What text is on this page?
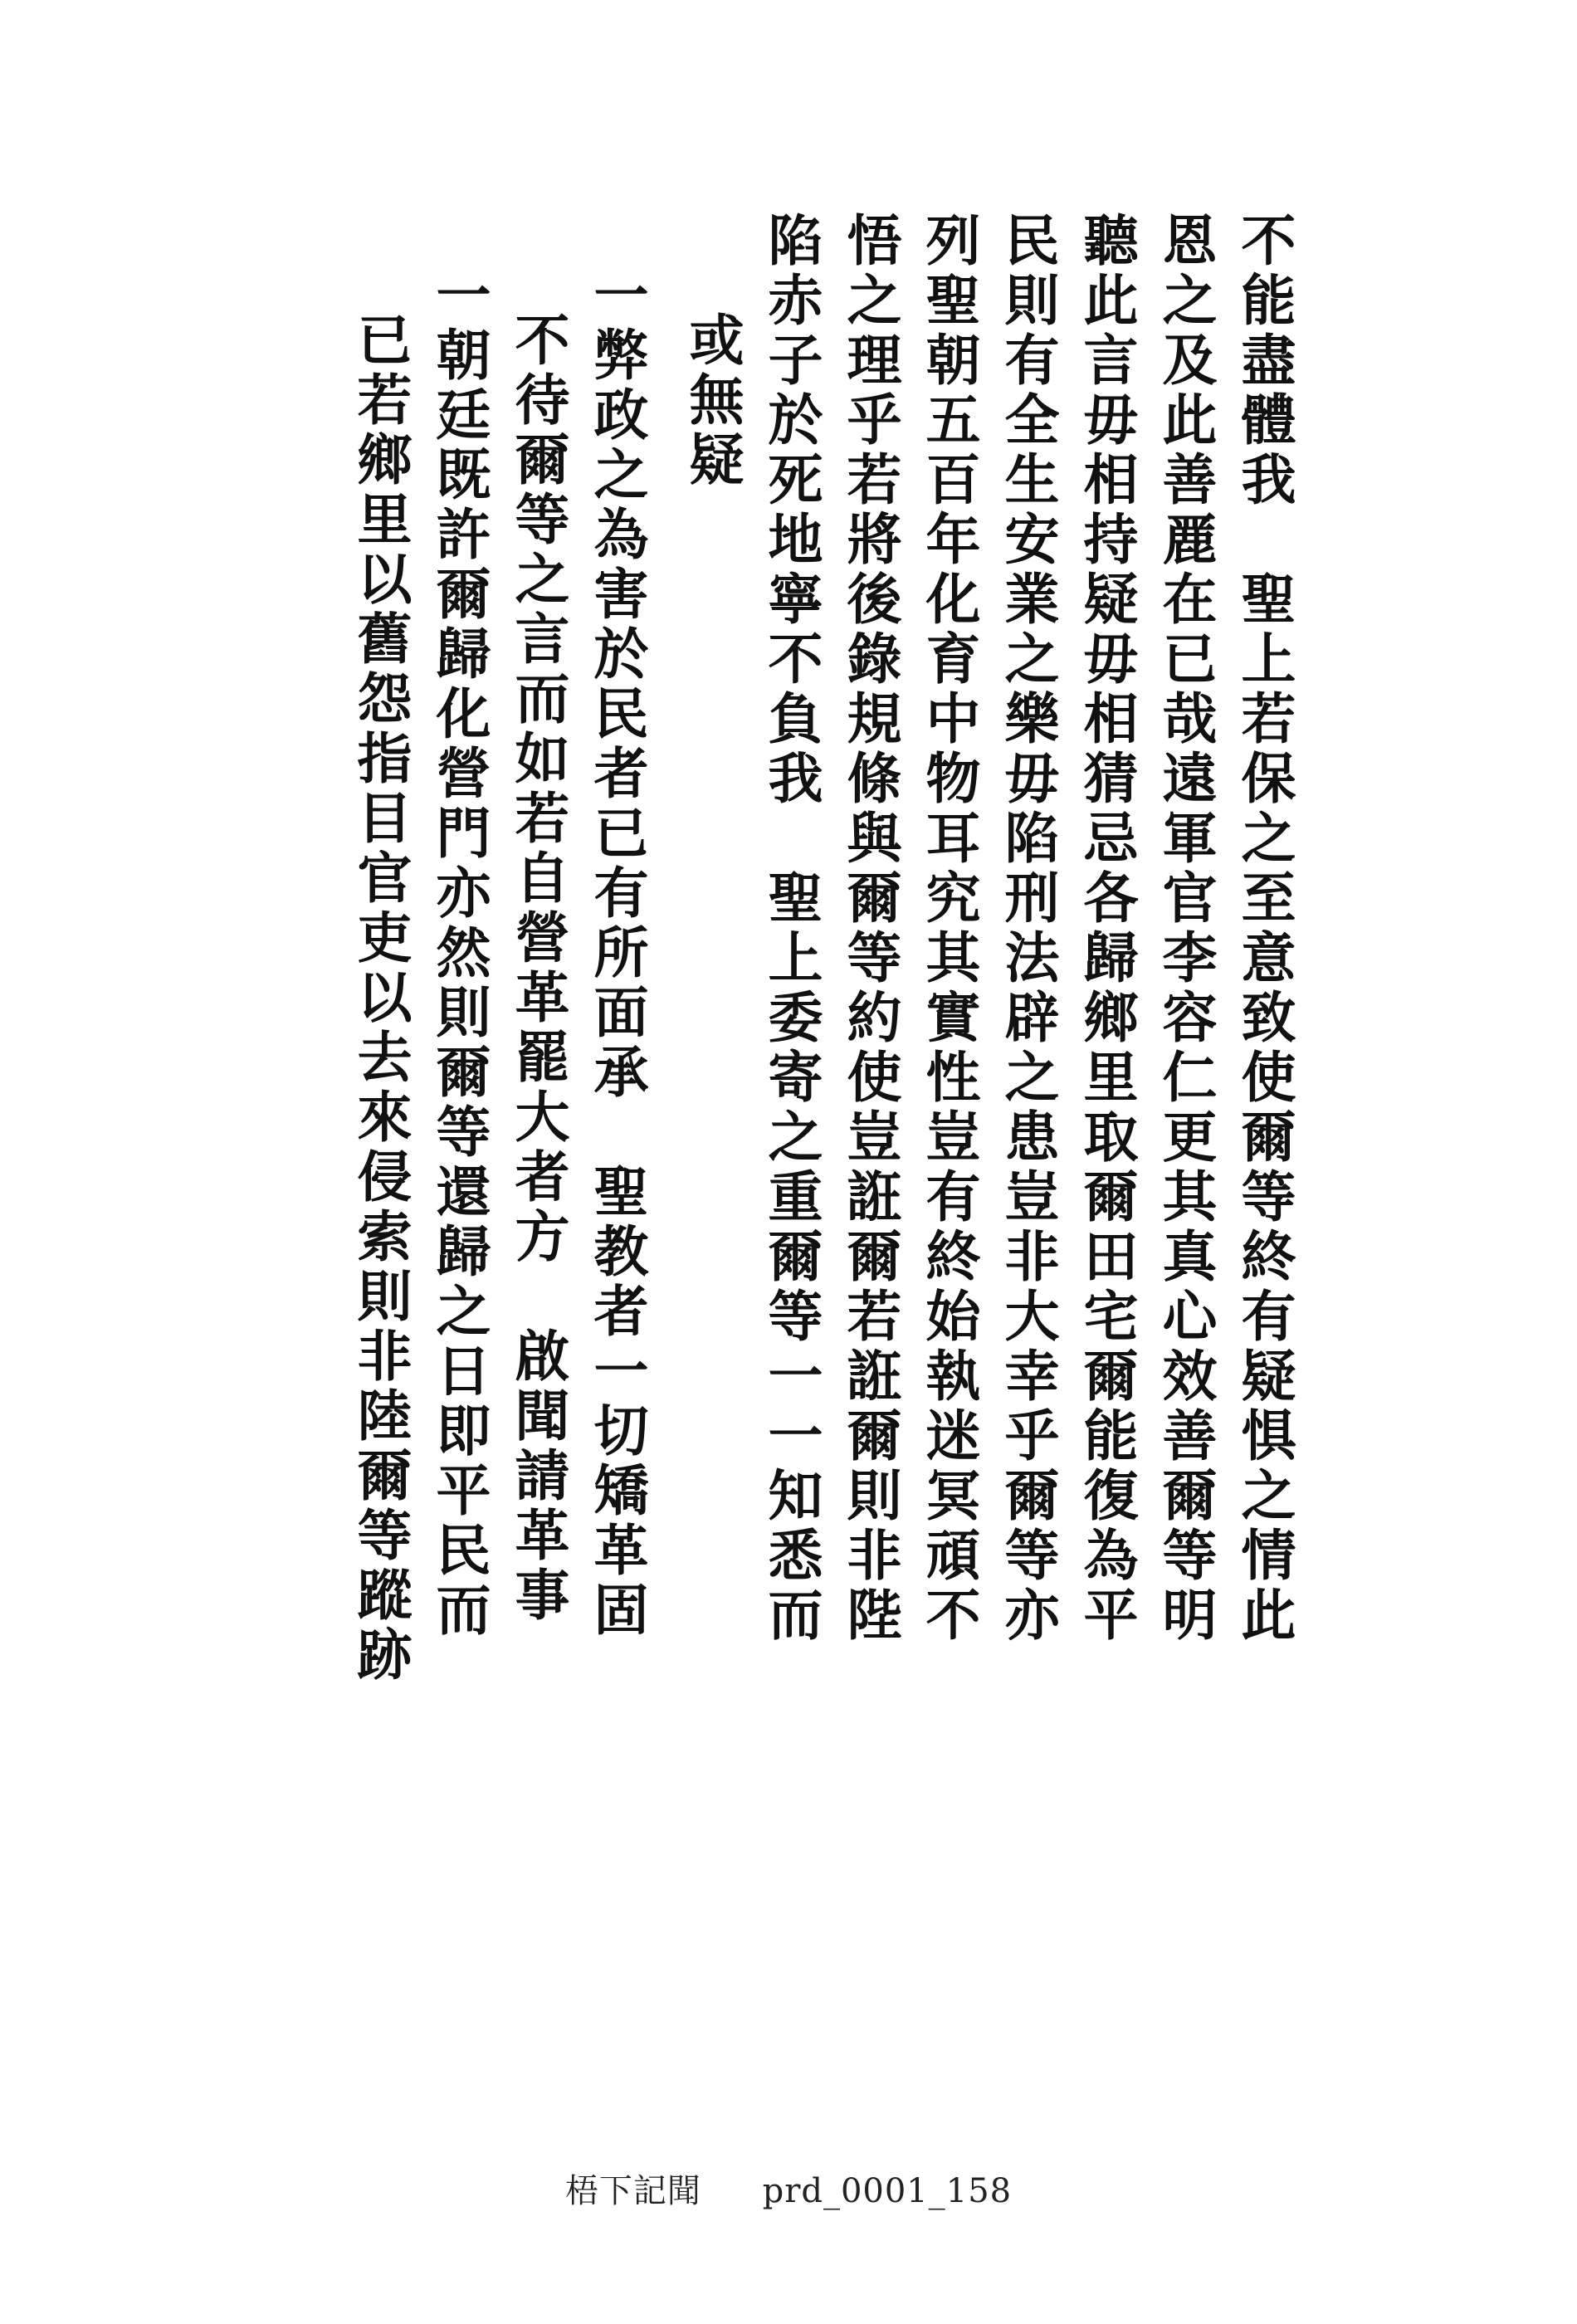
不能盡體我　聖上若保之至意致使爾等終有疑惧之情此
恩之及此善䴡在已哉遠軍官李容仁更其真心效善爾等明
聽此言毋相持疑毋相猜忌各歸鄉里取爾田宅爾能復為平
民則有全生安業之樂毋陷刑法辟之患豈非大幸乎爾等亦
列聖朝五百年化育中物耳究其實性豈有終始執迷冥頑不
悟之理乎若將後錄規條與爾等約使豈誑爾若誑爾則非陛
陷赤子於死地寧不負我　聖上委寄之重爾等一一知悉而
或無疑
一弊政之為害於民者已有所面承　聖教者一切矯革固
不待爾等之言而如若自營革罷大者方　啟聞請革事
一朝廷既許爾歸化營門亦然則爾等還歸之日即平民而
已若鄉里以舊怨指目官吏以去來侵索則非陸爾等蹤跡
梧下記聞 prd_0001_158
